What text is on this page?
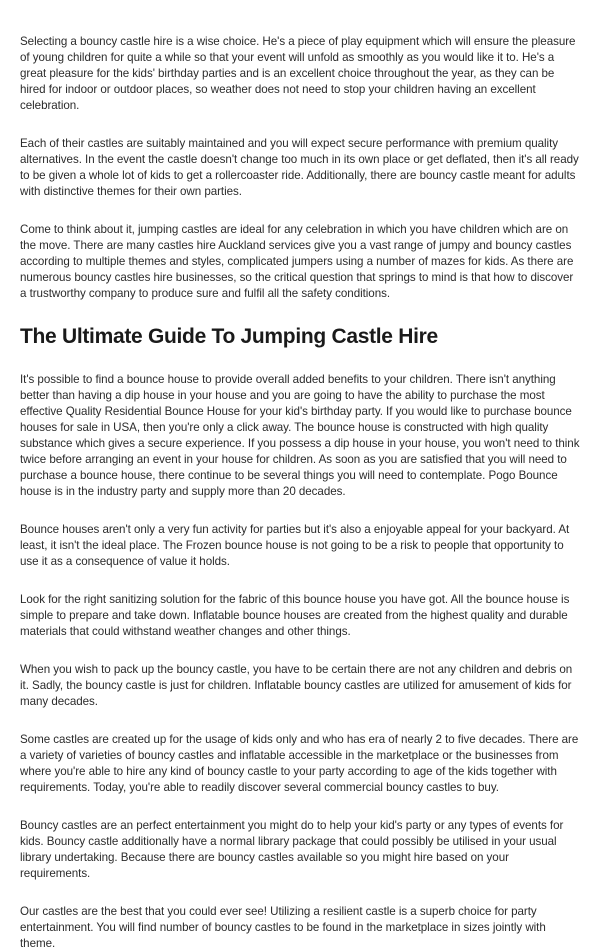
Selecting a bouncy castle hire is a wise choice. He's a piece of play equipment which will ensure the pleasure of young children for quite a while so that your event will unfold as smoothly as you would like it to. He's a great pleasure for the kids' birthday parties and is an excellent choice throughout the year, as they can be hired for indoor or outdoor places, so weather does not need to stop your children having an excellent celebration.

Each of their castles are suitably maintained and you will expect secure performance with premium quality alternatives. In the event the castle doesn't change too much in its own place or get deflated, then it's all ready to be given a whole lot of kids to get a rollercoaster ride. Additionally, there are bouncy castle meant for adults with distinctive themes for their own parties.

Come to think about it, jumping castles are ideal for any celebration in which you have children which are on the move. There are many castles hire Auckland services give you a vast range of jumpy and bouncy castles according to multiple themes and styles, complicated jumpers using a number of mazes for kids. As there are numerous bouncy castles hire businesses, so the critical question that springs to mind is that how to discover a trustworthy company to produce sure and fulfil all the safety conditions.

The Ultimate Guide To Jumping Castle Hire

It's possible to find a bounce house to provide overall added benefits to your children. There isn't anything better than having a dip house in your house and you are going to have the ability to purchase the most effective Quality Residential Bounce House for your kid's birthday party. If you would like to purchase bounce houses for sale in USA, then you're only a click away. The bounce house is constructed with high quality substance which gives a secure experience. If you possess a dip house in your house, you won't need to think twice before arranging an event in your house for children. As soon as you are satisfied that you will need to purchase a bounce house, there continue to be several things you will need to contemplate. Pogo Bounce house is in the industry party and supply more than 20 decades.

Bounce houses aren't only a very fun activity for parties but it's also a enjoyable appeal for your backyard. At least, it isn't the ideal place. The Frozen bounce house is not going to be a risk to people that opportunity to use it as a consequence of value it holds.

Look for the right sanitizing solution for the fabric of this bounce house you have got. All the bounce house is simple to prepare and take down. Inflatable bounce houses are created from the highest quality and durable materials that could withstand weather changes and other things.

When you wish to pack up the bouncy castle, you have to be certain there are not any children and debris on it. Sadly, the bouncy castle is just for children. Inflatable bouncy castles are utilized for amusement of kids for many decades.

Some castles are created up for the usage of kids only and who has era of nearly 2 to five decades. There are a variety of varieties of bouncy castles and inflatable accessible in the marketplace or the businesses from where you're able to hire any kind of bouncy castle to your party according to age of the kids together with requirements. Today, you're able to readily discover several commercial bouncy castles to buy.

Bouncy castles are an perfect entertainment you might do to help your kid's party or any types of events for kids. Bouncy castle additionally have a normal library package that could possibly be utilised in your usual library undertaking. Because there are bouncy castles available so you might hire based on your requirements.

Our castles are the best that you could ever see! Utilizing a resilient castle is a superb choice for party entertainment. You will find number of bouncy castles to be found in the marketplace in sizes jointly with theme.
